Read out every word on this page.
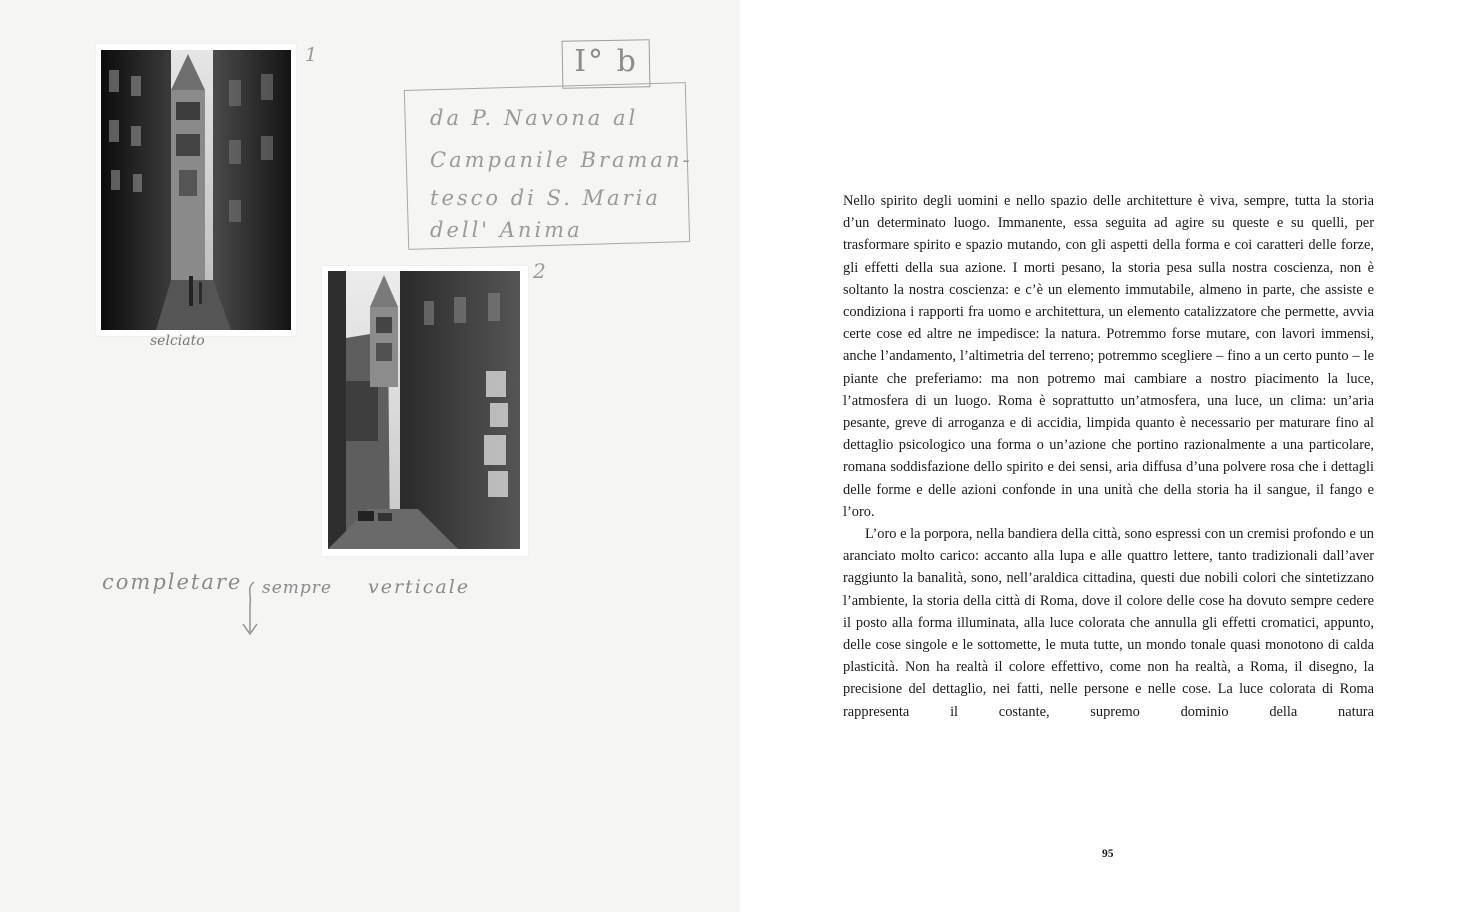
1
selciato
2
I° b
da P. Navona al
Campanile Braman-
tesco di S. Maria
dell' Anima
completare sempre verticale

Nello spirito degli uomini e nello spazio delle architetture è viva, sempre, tutta la storia d’un determinato luogo. Immanente, essa seguita ad agire su queste e su quelli, per trasformare spirito e spazio mutando, con gli aspetti della forma e coi caratteri delle forze, gli effetti della sua azione. I morti pesano, la storia pesa sulla nostra coscienza, non è soltanto la nostra coscienza: e c’è un elemento immutabile, almeno in parte, che assiste e condiziona i rapporti fra uomo e architettura, un elemento catalizzatore che permette, avvia certe cose ed altre ne impedisce: la natura. Potremmo forse mutare, con lavori immensi, anche l’andamento, l’altimetria del terreno; potremmo scegliere – fino a un certo punto – le piante che preferiamo: ma non potremo mai cambiare a nostro piacimento la luce, l’atmosfera di un luogo. Roma è soprattutto un’atmosfera, una luce, un clima: un’aria pesante, greve di arroganza e di accidia, limpida quanto è necessario per maturare fino al dettaglio psicologico una forma o un’azione che portino razionalmente a una particolare, romana soddisfazione dello spirito e dei sensi, aria diffusa d’una polvere rosa che i dettagli delle forme e delle azioni confonde in una unità che della storia ha il sangue, il fango e l’oro.

L’oro e la porpora, nella bandiera della città, sono espressi con un cremisi profondo e un aranciato molto carico: accanto alla lupa e alle quattro lettere, tanto tradizionali dall’aver raggiunto la banalità, sono, nell’araldica cittadina, questi due nobili colori che sintetizzano l’ambiente, la storia della città di Roma, dove il colore delle cose ha dovuto sempre cedere il posto alla forma illuminata, alla luce colorata che annulla gli effetti cromatici, appunto, delle cose singole e le sottomette, le muta tutte, un mondo tonale quasi monotono di calda plasticità. Non ha realtà il colore effettivo, come non ha realtà, a Roma, il disegno, la precisione del dettaglio, nei fatti, nelle persone e nelle cose. La luce colorata di Roma rappresenta il costante, supremo dominio della natura

95
